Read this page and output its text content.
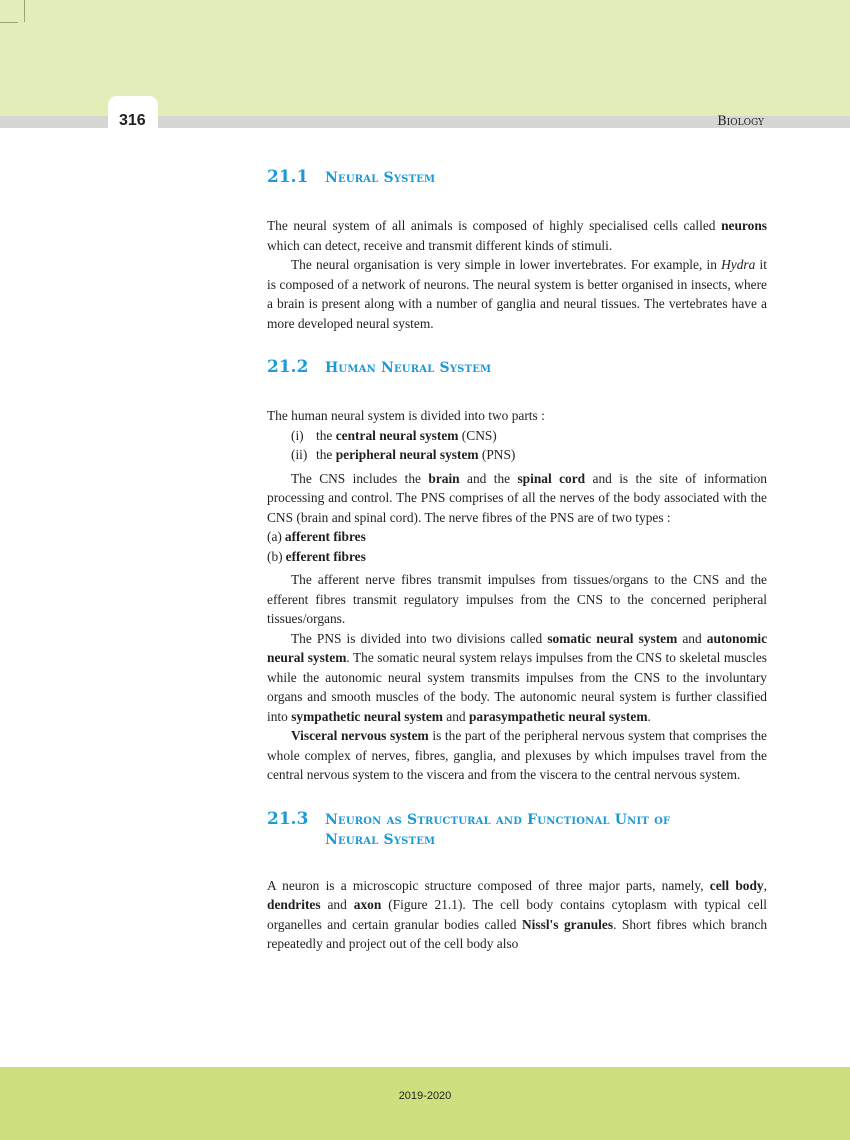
316	Biology
21.1	Neural System

The neural system of all animals is composed of highly specialised cells called neurons which can detect, receive and transmit different kinds of stimuli.

The neural organisation is very simple in lower invertebrates. For example, in Hydra it is composed of a network of neurons. The neural system is better organised in insects, where a brain is present along with a number of ganglia and neural tissues. The vertebrates have a more developed neural system.

21.2	Human Neural System

The human neural system is divided into two parts :

(i) the central neural system (CNS)
(ii) the peripheral neural system (PNS)

The CNS includes the brain and the spinal cord and is the site of information processing and control. The PNS comprises of all the nerves of the body associated with the CNS (brain and spinal cord). The nerve fibres of the PNS are of two types :

(a) afferent fibres
(b) efferent fibres

The afferent nerve fibres transmit impulses from tissues/organs to the CNS and the efferent fibres transmit regulatory impulses from the CNS to the concerned peripheral tissues/organs.

The PNS is divided into two divisions called somatic neural system and autonomic neural system. The somatic neural system relays impulses from the CNS to skeletal muscles while the autonomic neural system transmits impulses from the CNS to the involuntary organs and smooth muscles of the body. The autonomic neural system is further classified into sympathetic neural system and parasympathetic neural system.

Visceral nervous system is the part of the peripheral nervous system that comprises the whole complex of nerves, fibres, ganglia, and plexuses by which impulses travel from the central nervous system to the viscera and from the viscera to the central nervous system.

21.3	Neuron as Structural and Functional Unit of Neural System

A neuron is a microscopic structure composed of three major parts, namely, cell body, dendrites and axon (Figure 21.1). The cell body contains cytoplasm with typical cell organelles and certain granular bodies called Nissl's granules. Short fibres which branch repeatedly and project out of the cell body also

2019-2020
